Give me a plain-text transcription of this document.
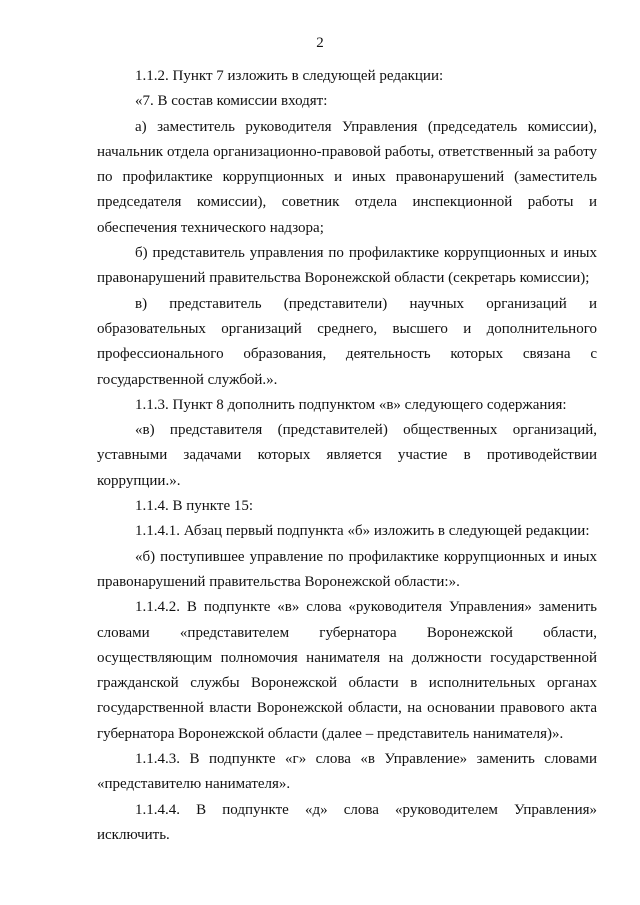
2

1.1.2. Пункт 7 изложить в следующей редакции:

«7. В состав комиссии входят:

а) заместитель руководителя Управления (председатель комиссии), начальник отдела организационно-правовой работы, ответственный за работу по профилактике коррупционных и иных правонарушений (заместитель председателя комиссии), советник отдела инспекционной работы и обеспечения технического надзора;

б) представитель управления по профилактике коррупционных и иных правонарушений правительства Воронежской области (секретарь комиссии);

в) представитель (представители) научных организаций и образовательных организаций среднего, высшего и дополнительного профессионального образования, деятельность которых связана с государственной службой.».

1.1.3. Пункт 8 дополнить подпунктом «в» следующего содержания:

«в) представителя (представителей) общественных организаций, уставными задачами которых является участие в противодействии коррупции.».

1.1.4. В пункте 15:

1.1.4.1. Абзац первый подпункта «б» изложить в следующей редакции:

«б) поступившее управление по профилактике коррупционных и иных правонарушений правительства Воронежской области:».

1.1.4.2. В подпункте «в» слова «руководителя Управления» заменить словами «представителем губернатора Воронежской области, осуществляющим полномочия нанимателя на должности государственной гражданской службы Воронежской области в исполнительных органах государственной власти Воронежской области, на основании правового акта губернатора Воронежской области (далее – представитель нанимателя)».

1.1.4.3. В подпункте «г» слова «в Управление» заменить словами «представителю нанимателя».

1.1.4.4. В подпункте «д» слова «руководителем Управления» исключить.
